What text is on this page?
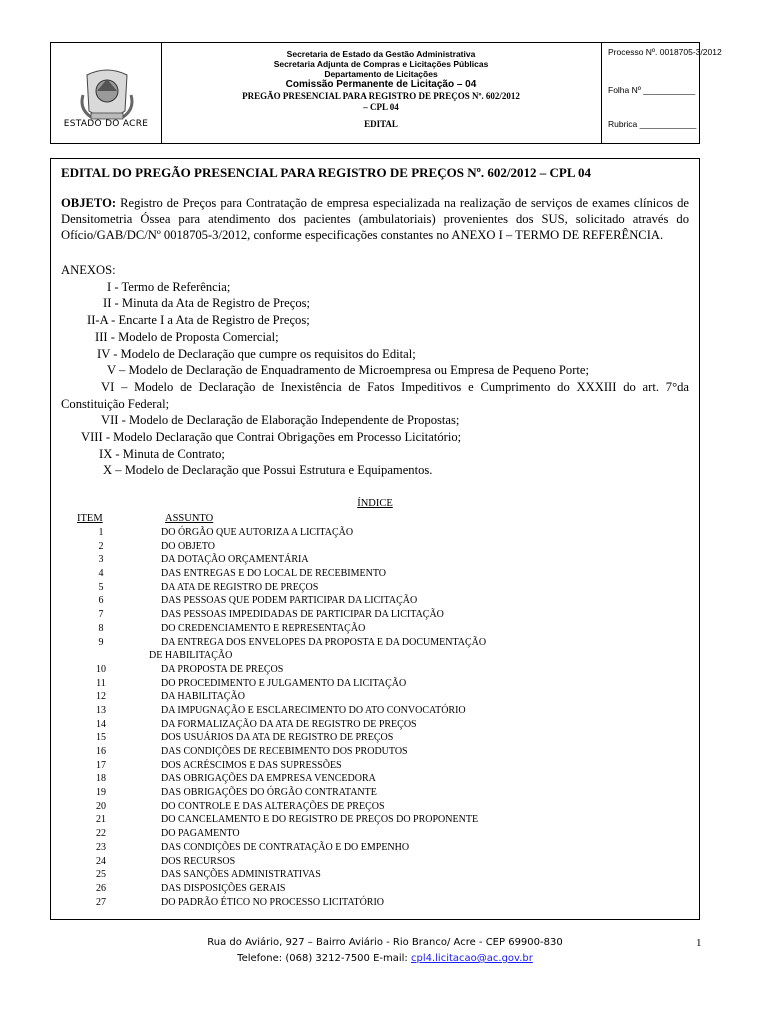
ESTADO DO ACRE
Secretaria de Estado da Gestão Administrativa
Secretaria Adjunta de Compras e Licitações Públicas
Departamento de Licitações
Comissão Permanente de Licitação – 04
PREGÃO PRESENCIAL PARA REGISTRO DE PREÇOS Nº. 602/2012
– CPL 04
EDITAL
Processo Nº. 0018705-3/2012
Folha Nº ___________
Rubrica ____________
EDITAL DO PREGÃO PRESENCIAL PARA REGISTRO DE PREÇOS Nº. 602/2012 – CPL 04
OBJETO: Registro de Preços para Contratação de empresa especializada na realização de serviços de exames clínicos de Densitometria Óssea para atendimento dos pacientes (ambulatoriais) provenientes dos SUS, solicitado através do Ofício/GAB/DC/Nº 0018705-3/2012, conforme especificações constantes no ANEXO I – TERMO DE REFERÊNCIA.
ANEXOS:
I - Termo de Referência;
II - Minuta da Ata de Registro de Preços;
II-A - Encarte I a Ata de Registro de Preços;
III - Modelo de Proposta Comercial;
IV - Modelo de Declaração que cumpre os requisitos do Edital;
V – Modelo de Declaração de Enquadramento de Microempresa ou Empresa de Pequeno Porte;
VI – Modelo de Declaração de Inexistência de Fatos Impeditivos e Cumprimento do XXXIII do art. 7°da Constituição Federal;
VII - Modelo de Declaração de Elaboração Independente de Propostas;
VIII - Modelo Declaração que Contrai Obrigações em Processo Licitatório;
IX - Minuta de Contrato;
X – Modelo de Declaração que Possui Estrutura e Equipamentos.
ÍNDICE
ITEM	ASSUNTO
1	DO ÓRGÃO QUE AUTORIZA A LICITAÇÃO
2	DO OBJETO
3	DA DOTAÇÃO ORÇAMENTÁRIA
4	DAS ENTREGAS E DO LOCAL DE RECEBIMENTO
5	DA ATA DE REGISTRO DE PREÇOS
6	DAS PESSOAS QUE PODEM PARTICIPAR DA LICITAÇÃO
7	DAS PESSOAS IMPEDIDADAS DE PARTICIPAR DA LICITAÇÃO
8	DO CREDENCIAMENTO E REPRESENTAÇÃO
9	DA ENTREGA DOS ENVELOPES DA PROPOSTA E DA DOCUMENTAÇÃO
DE HABILITAÇÃO
10	DA PROPOSTA DE PREÇOS
11	DO PROCEDIMENTO E JULGAMENTO DA LICITAÇÃO
12	DA HABILITAÇÃO
13	DA IMPUGNAÇÃO E ESCLARECIMENTO DO ATO CONVOCATÓRIO
14	DA FORMALIZAÇÃO DA ATA DE REGISTRO DE PREÇOS
15	DOS USUÁRIOS DA ATA DE REGISTRO DE PREÇOS
16	DAS CONDIÇÕES DE RECEBIMENTO DOS PRODUTOS
17	DOS ACRÉSCIMOS E DAS SUPRESSÕES
18	DAS OBRIGAÇÕES DA EMPRESA VENCEDORA
19	DAS OBRIGAÇÕES DO ÓRGÃO CONTRATANTE
20	DO CONTROLE E DAS ALTERAÇÕES DE PREÇOS
21	DO CANCELAMENTO E DO REGISTRO DE PREÇOS DO PROPONENTE
22	DO PAGAMENTO
23	DAS CONDIÇÕES DE CONTRATAÇÃO E DO EMPENHO
24	DOS RECURSOS
25	DAS SANÇÕES ADMINISTRATIVAS
26	DAS DISPOSIÇÕES GERAIS
27	DO PADRÃO ÉTICO NO PROCESSO LICITATÓRIO
Rua do Aviário, 927 – Bairro Aviário - Rio Branco/ Acre - CEP 69900-830
Telefone: (068) 3212-7500 E-mail: cpl4.licitacao@ac.gov.br
1
